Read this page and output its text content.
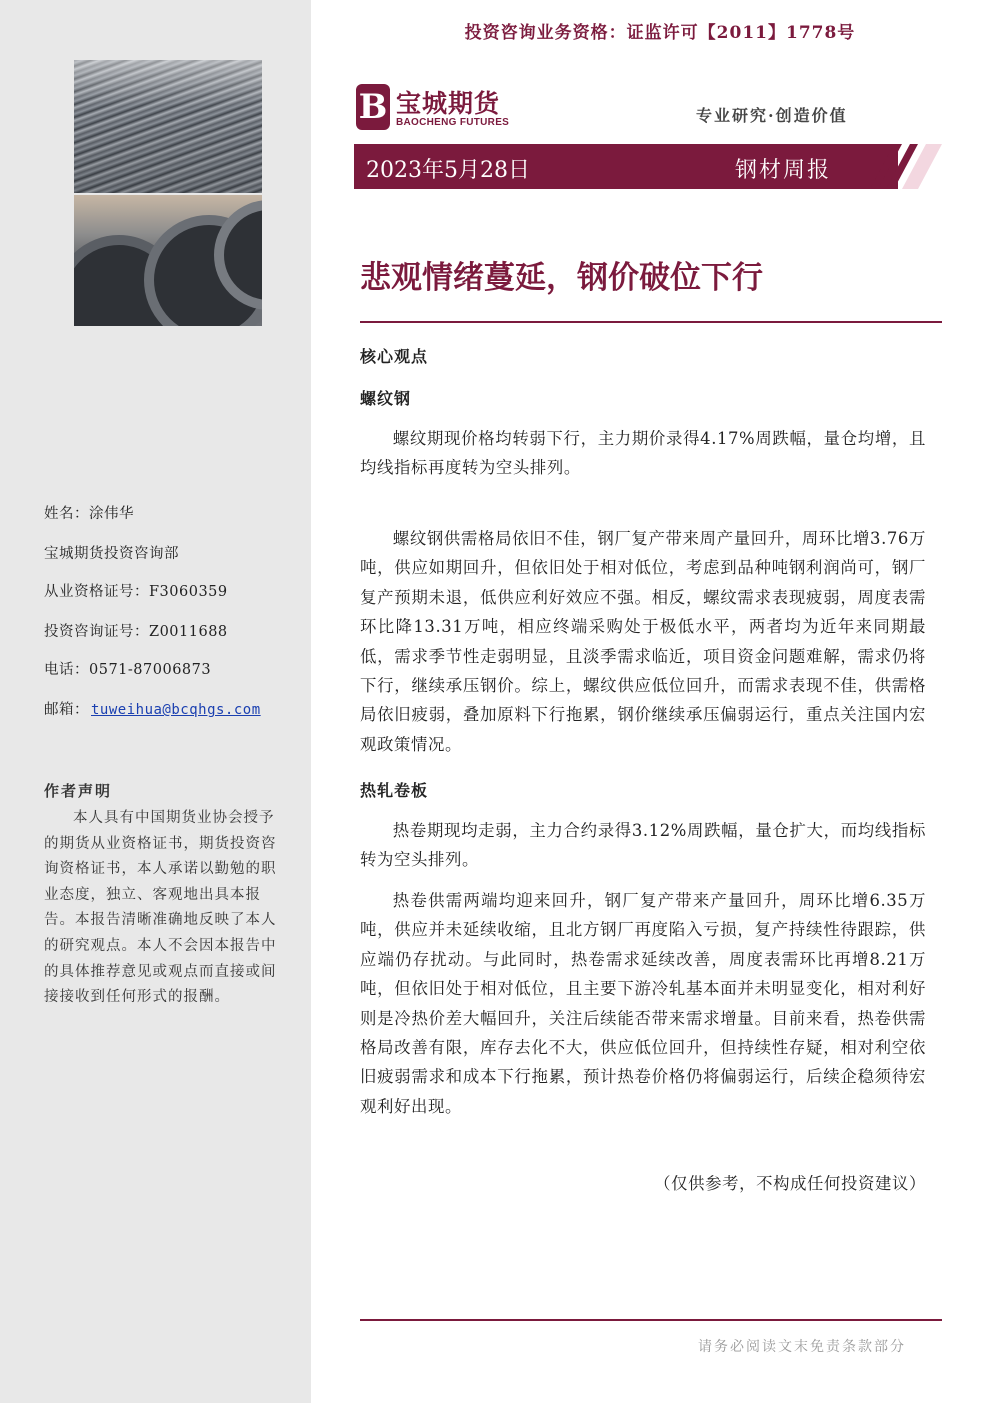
姓名：涂伟华
宝城期货投资咨询部
从业资格证号：F3060359
投资咨询证号：Z0011688
电话：0571-87006873
邮箱： tuweihua@bcqhgs.com
作者声明
本人具有中国期货业协会授予的期货从业资格证书，期货投资咨询资格证书，本人承诺以勤勉的职业态度，独立、客观地出具本报告。本报告清晰准确地反映了本人的研究观点。本人不会因本报告中的具体推荐意见或观点而直接或间接接收到任何形式的报酬。
投资咨询业务资格：证监许可【2011】1778号
B 宝城期货
BAOCHENG FUTURES	专业研究·创造价值
2023年5月28日	钢材周报
悲观情绪蔓延，钢价破位下行
核心观点
螺纹钢
螺纹期现价格均转弱下行，主力期价录得4.17%周跌幅，量仓均增，且均线指标再度转为空头排列。
螺纹钢供需格局依旧不佳，钢厂复产带来周产量回升，周环比增3.76万吨，供应如期回升，但依旧处于相对低位，考虑到品种吨钢利润尚可，钢厂复产预期未退，低供应利好效应不强。相反，螺纹需求表现疲弱，周度表需环比降13.31万吨，相应终端采购处于极低水平，两者均为近年来同期最低，需求季节性走弱明显，且淡季需求临近，项目资金问题难解，需求仍将下行，继续承压钢价。综上，螺纹供应低位回升，而需求表现不佳，供需格局依旧疲弱，叠加原料下行拖累，钢价继续承压偏弱运行，重点关注国内宏观政策情况。
热轧卷板
热卷期现均走弱，主力合约录得3.12%周跌幅，量仓扩大，而均线指标转为空头排列。
热卷供需两端均迎来回升，钢厂复产带来产量回升，周环比增6.35万吨，供应并未延续收缩，且北方钢厂再度陷入亏损，复产持续性待跟踪，供应端仍存扰动。与此同时，热卷需求延续改善，周度表需环比再增8.21万吨，但依旧处于相对低位，且主要下游冷轧基本面并未明显变化，相对利好则是冷热价差大幅回升，关注后续能否带来需求增量。目前来看，热卷供需格局改善有限，库存去化不大，供应低位回升，但持续性存疑，相对利空依旧疲弱需求和成本下行拖累，预计热卷价格仍将偏弱运行，后续企稳须待宏观利好出现。
（仅供参考，不构成任何投资建议）
请务必阅读文末免责条款部分
